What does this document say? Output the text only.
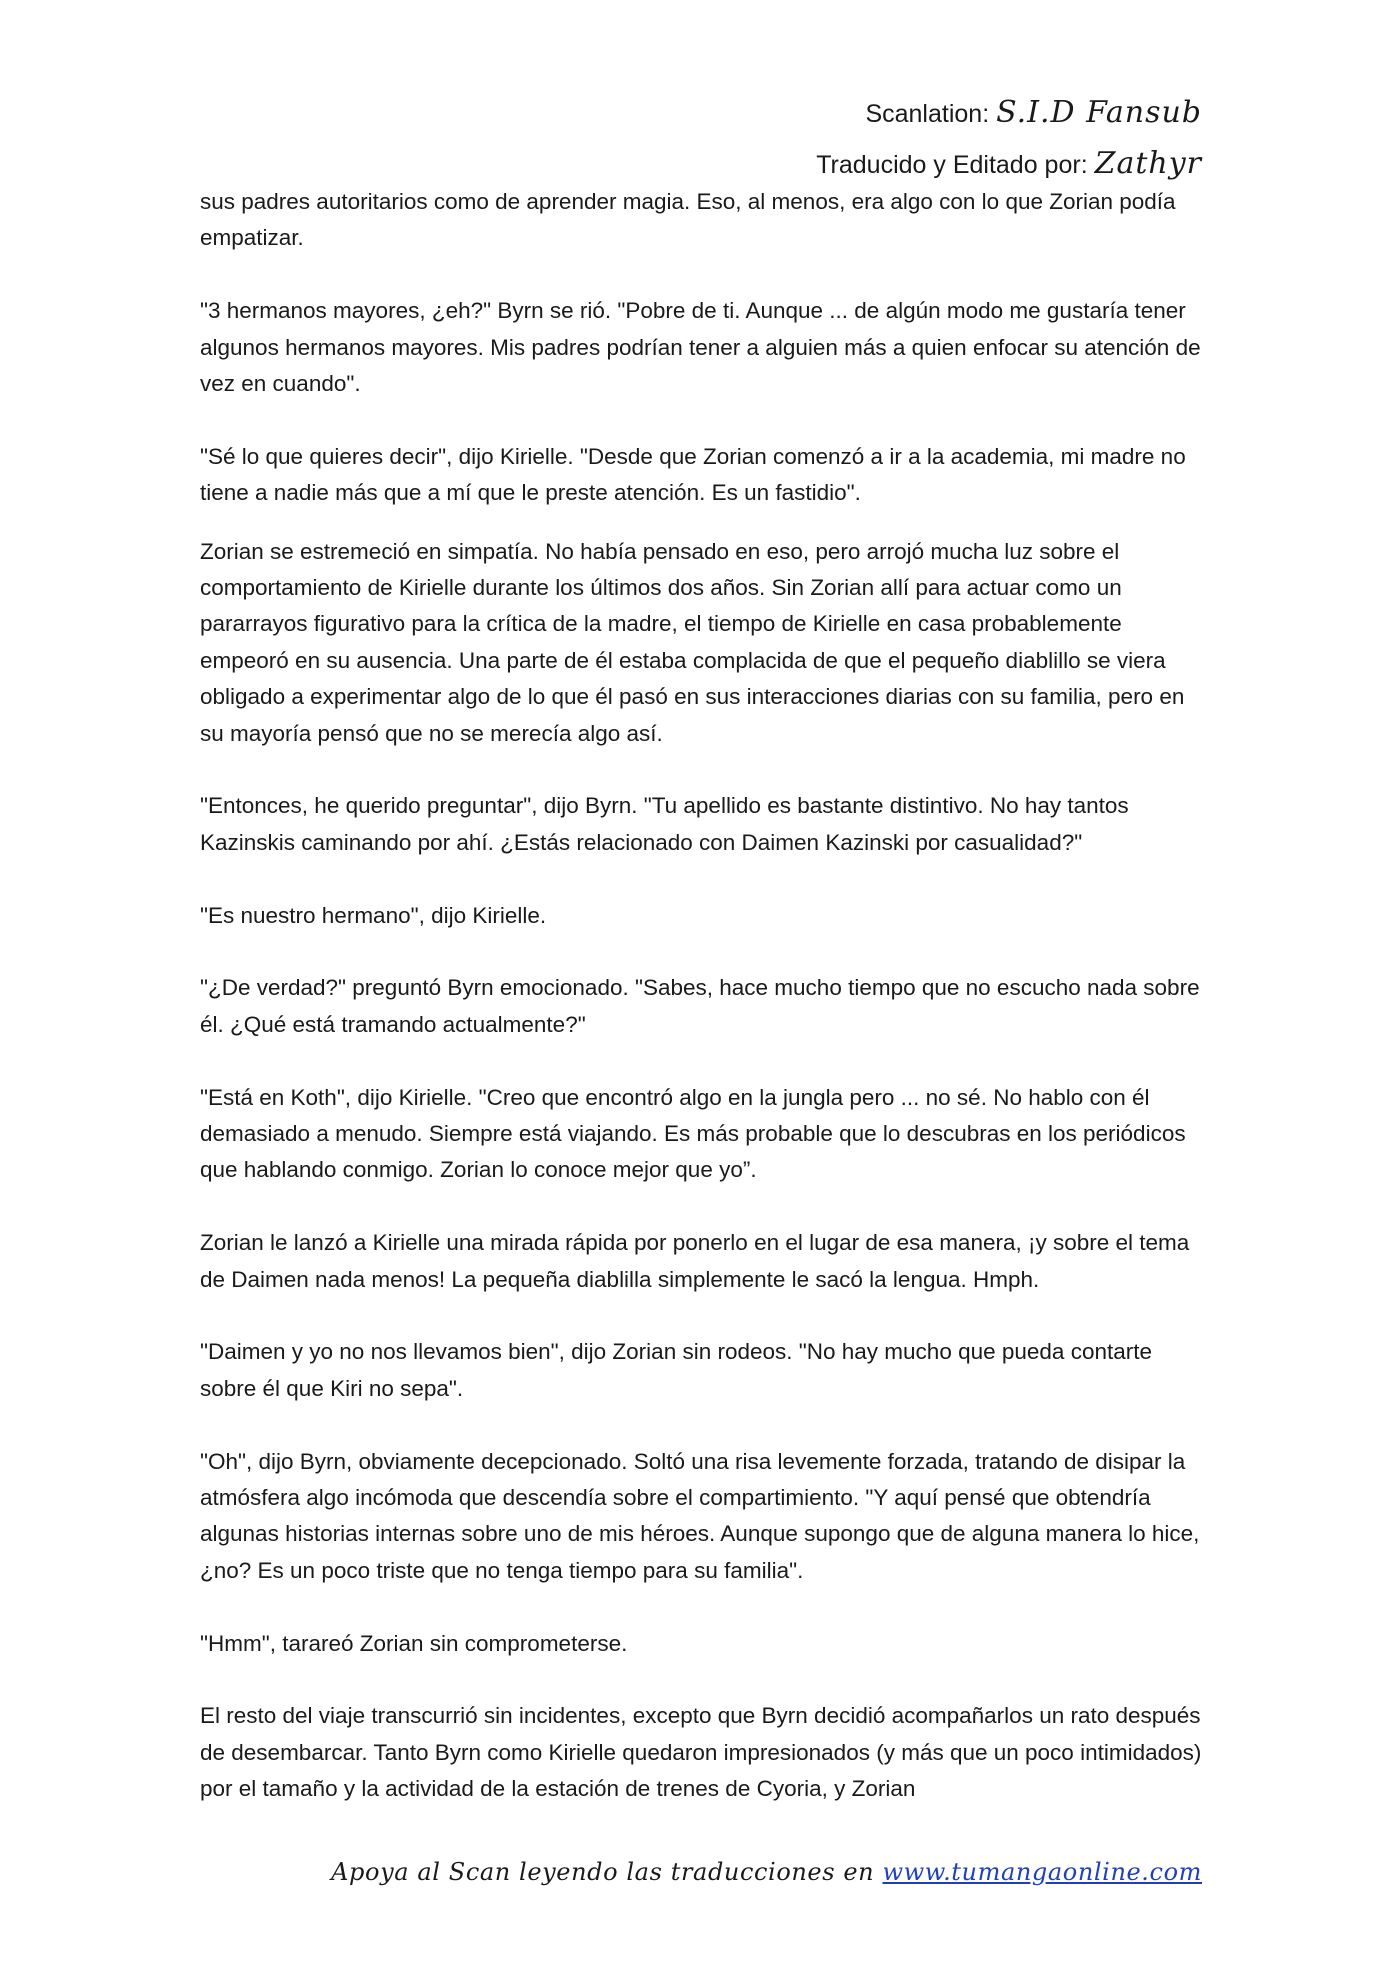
Scanlation: S.I.D Fansub
Traducido y Editado por: Zathyr

sus padres autoritarios como de aprender magia. Eso, al menos, era algo con lo que Zorian podía empatizar.

"3 hermanos mayores, ¿eh?" Byrn se rió. "Pobre de ti. Aunque ... de algún modo me gustaría tener algunos hermanos mayores. Mis padres podrían tener a alguien más a quien enfocar su atención de vez en cuando".

"Sé lo que quieres decir", dijo Kirielle. "Desde que Zorian comenzó a ir a la academia, mi madre no tiene a nadie más que a mí que le preste atención. Es un fastidio".

Zorian se estremeció en simpatía. No había pensado en eso, pero arrojó mucha luz sobre el comportamiento de Kirielle durante los últimos dos años. Sin Zorian allí para actuar como un pararrayos figurativo para la crítica de la madre, el tiempo de Kirielle en casa probablemente empeoró en su ausencia. Una parte de él estaba complacida de que el pequeño diablillo se viera obligado a experimentar algo de lo que él pasó en sus interacciones diarias con su familia, pero en su mayoría pensó que no se merecía algo así.

"Entonces, he querido preguntar", dijo Byrn. "Tu apellido es bastante distintivo. No hay tantos Kazinskis caminando por ahí. ¿Estás relacionado con Daimen Kazinski por casualidad?"

"Es nuestro hermano", dijo Kirielle.

"¿De verdad?" preguntó Byrn emocionado. "Sabes, hace mucho tiempo que no escucho nada sobre él. ¿Qué está tramando actualmente?"

"Está en Koth", dijo Kirielle. "Creo que encontró algo en la jungla pero ... no sé. No hablo con él demasiado a menudo. Siempre está viajando. Es más probable que lo descubras en los periódicos que hablando conmigo. Zorian lo conoce mejor que yo”.

Zorian le lanzó a Kirielle una mirada rápida por ponerlo en el lugar de esa manera, ¡y sobre el tema de Daimen nada menos! La pequeña diablilla simplemente le sacó la lengua. Hmph.

"Daimen y yo no nos llevamos bien", dijo Zorian sin rodeos. "No hay mucho que pueda contarte sobre él que Kiri no sepa".

"Oh", dijo Byrn, obviamente decepcionado. Soltó una risa levemente forzada, tratando de disipar la atmósfera algo incómoda que descendía sobre el compartimiento. "Y aquí pensé que obtendría algunas historias internas sobre uno de mis héroes. Aunque supongo que de alguna manera lo hice, ¿no? Es un poco triste que no tenga tiempo para su familia".

"Hmm", tarareó Zorian sin comprometerse.

El resto del viaje transcurrió sin incidentes, excepto que Byrn decidió acompañarlos un rato después de desembarcar. Tanto Byrn como Kirielle quedaron impresionados (y más que un poco intimidados) por el tamaño y la actividad de la estación de trenes de Cyoria, y Zorian

Apoya al Scan leyendo las traducciones en www.tumangaonline.com
